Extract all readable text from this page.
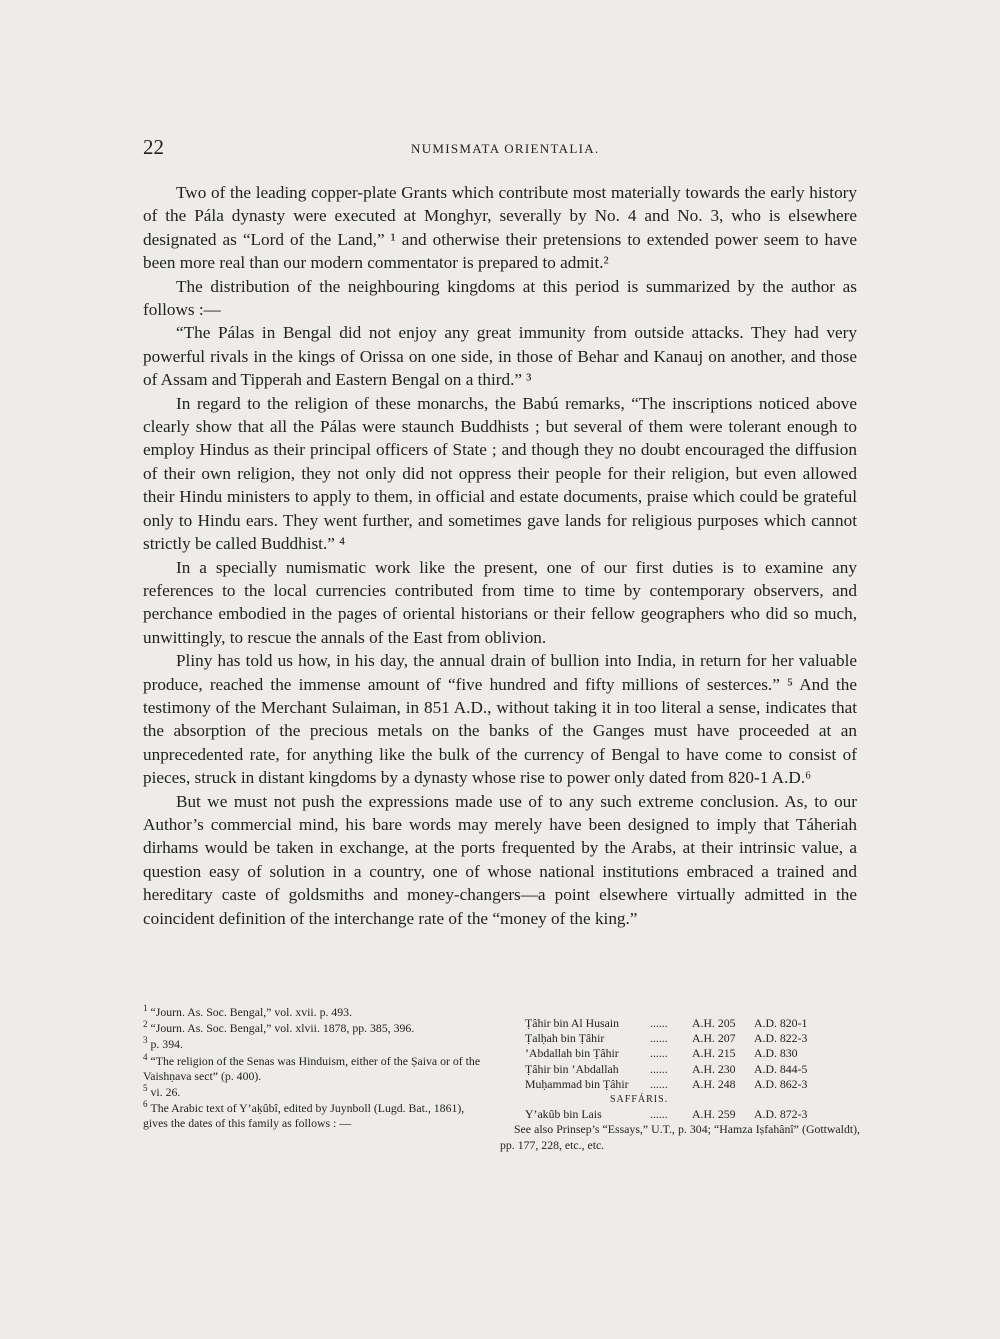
22	NUMISMATA ORIENTALIA.

Two of the leading copper-plate Grants which contribute most materially towards the early history of the Pála dynasty were executed at Monghyr, severally by No. 4 and No. 3, who is elsewhere designated as “Lord of the Land,” ¹ and otherwise their pretensions to extended power seem to have been more real than our modern commentator is prepared to admit.²

The distribution of the neighbouring kingdoms at this period is summarized by the author as follows :—

“The Pálas in Bengal did not enjoy any great immunity from outside attacks. They had very powerful rivals in the kings of Orissa on one side, in those of Behar and Kanauj on another, and those of Assam and Tipperah and Eastern Bengal on a third.” ³

In regard to the religion of these monarchs, the Babú remarks, “The inscriptions noticed above clearly show that all the Pálas were staunch Buddhists ; but several of them were tolerant enough to employ Hindus as their principal officers of State ; and though they no doubt encouraged the diffusion of their own religion, they not only did not oppress their people for their religion, but even allowed their Hindu ministers to apply to them, in official and estate documents, praise which could be grateful only to Hindu ears. They went further, and sometimes gave lands for religious purposes which cannot strictly be called Buddhist.” ⁴

In a specially numismatic work like the present, one of our first duties is to examine any references to the local currencies contributed from time to time by contemporary observers, and perchance embodied in the pages of oriental historians or their fellow geographers who did so much, unwittingly, to rescue the annals of the East from oblivion.

Pliny has told us how, in his day, the annual drain of bullion into India, in return for her valuable produce, reached the immense amount of “five hundred and fifty millions of sesterces.” ⁵ And the testimony of the Merchant Sulaiman, in 851 A.D., without taking it in too literal a sense, indicates that the absorption of the precious metals on the banks of the Ganges must have proceeded at an unprecedented rate, for anything like the bulk of the currency of Bengal to have come to consist of pieces, struck in distant kingdoms by a dynasty whose rise to power only dated from 820-1 A.D.⁶

But we must not push the expressions made use of to any such extreme conclusion. As, to our Author’s commercial mind, his bare words may merely have been designed to imply that Táheriah dirhams would be taken in exchange, at the ports frequented by the Arabs, at their intrinsic value, a question easy of solution in a country, one of whose national institutions embraced a trained and hereditary caste of goldsmiths and money-changers—a point elsewhere virtually admitted in the coincident definition of the interchange rate of the “money of the king.”

$^1$ “Journ. As. Soc. Bengal,” vol. xvii. p. 493.

$^2$ “Journ. As. Soc. Bengal,” vol. xlvii. 1878, pp. 385, 396.

$^3$ p. 394.

$^4$ “The religion of the Senas was Hinduism, either of the Ṣaiva or of the Vaishṇava sect” (p. 400).

$^5$ vi. 26.

$^6$ The Arabic text of Y’aḳûbî, edited by Juynboll (Lugd. Bat., 1861), gives the dates of this family as follows : —

Ṭâhir bin Al Husain	......	A.H. 205	A.D. 820-1
Ṭalḥah bin Ṭâhir	......	A.H. 207	A.D. 822-3
’Abdallah bin Ṭâhir	......	A.H. 215	A.D. 830
Ṭâhir bin ’Abdallah	......	A.H. 230	A.D. 844-5
Muḥammad bin Ṭâhir	......	A.H. 248	A.D. 862-3
SAFFÁRIS.
Y’akûb bin Lais	......	A.H. 259	A.D. 872-3

See also Prinsep’s “Essays,” U.T., p. 304; “Hamza Iṣfahânî” (Gottwaldt), pp. 177, 228, etc., etc.
